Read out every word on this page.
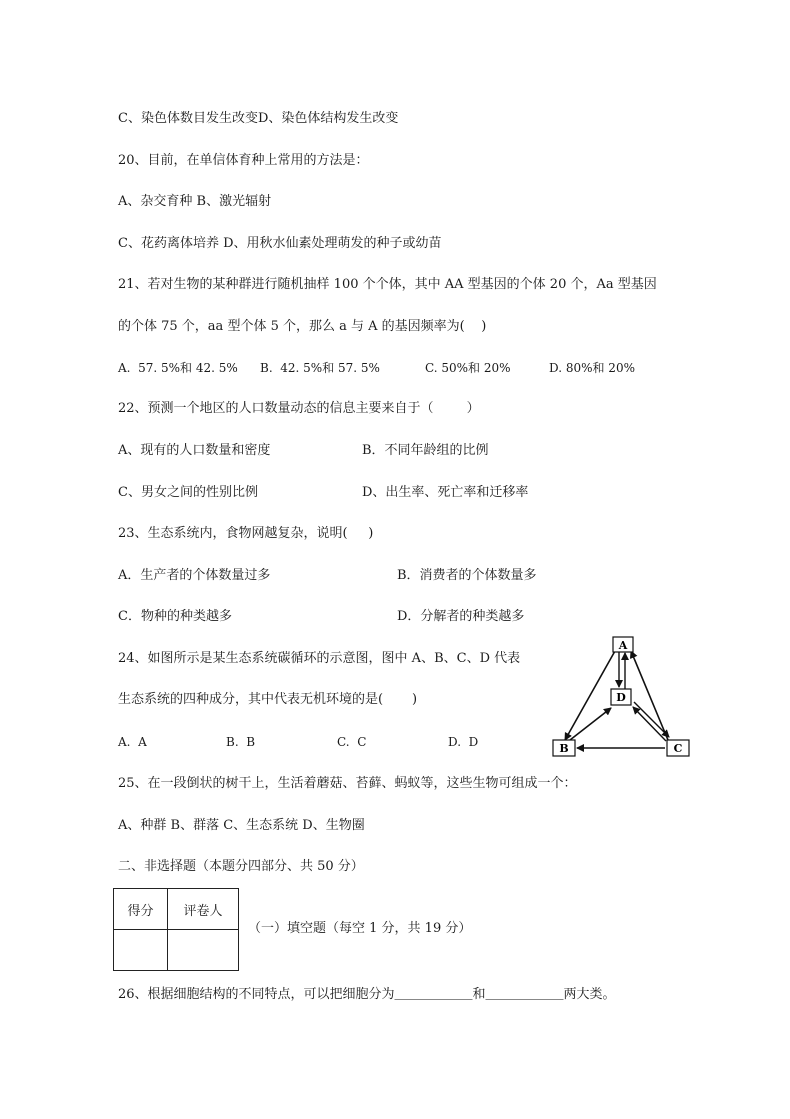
C、染色体数目发生改变D、染色体结构发生改变
20、目前，在单信体育种上常用的方法是：
A、杂交育种 B、激光辐射
C、花药离体培养 D、用秋水仙素处理萌发的种子或幼苗
21、若对生物的某种群进行随机抽样 100 个个体，其中 AA 型基因的个体 20 个，Aa 型基因
的个体 75 个，aa 型个体 5 个，那么 a 与 A 的基因频率为(    )
A.  57. 5%和 42. 5% B.  42. 5%和 57. 5%	C. 50%和 20%	D. 80%和 20%
22、预测一个地区的人口数量动态的信息主要来自于（        ）
A、现有的人口数量和密度	B．不同年龄组的比例
C、男女之间的性别比例	D、出生率、死亡率和迁移率
23、生态系统内，食物网越复杂，说明(     )
A．生产者的个体数量过多	B．消费者的个体数量多
C．物种的种类越多	D．分解者的种类越多
24、如图所示是某生态系统碳循环的示意图，图中 A、B、C、D 代表
生态系统的四种成分，其中代表无机环境的是(       )
A.  A	B.  B	C.  C	D.  D
A
D
B	C
25、在一段倒状的树干上，生活着蘑菇、苔藓、蚂蚁等，这些生物可组成一个：
A、种群 B、群落 C、生态系统 D、生物圈
二、非选择题（本题分四部分、共 50 分）
得分	评卷人

（一）填空题（每空 1 分，共 19 分）
26、根据细胞结构的不同特点，可以把细胞分为＿＿＿＿＿＿和＿＿＿＿＿＿两大类。
